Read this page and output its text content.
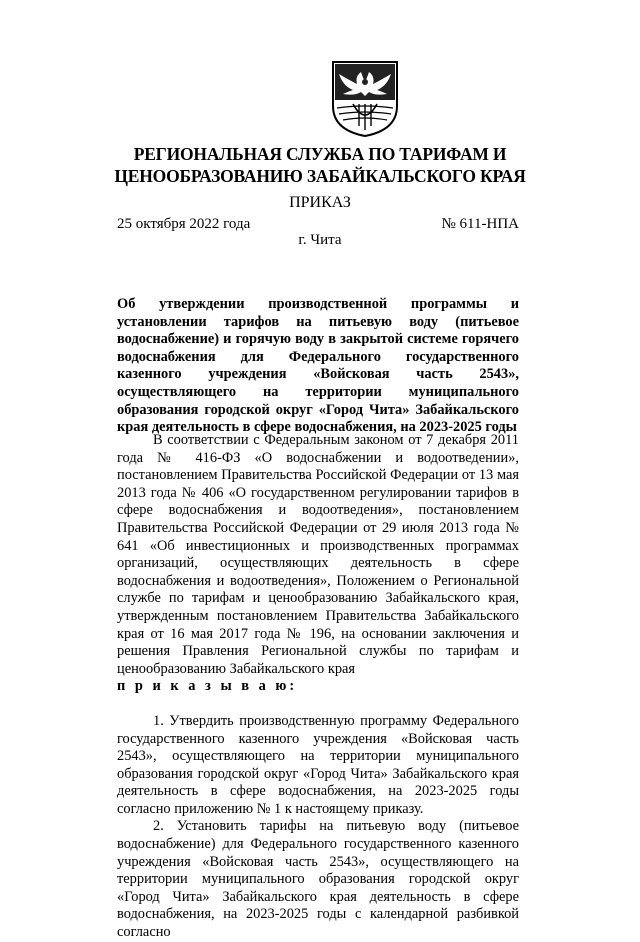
РЕГИОНАЛЬНАЯ СЛУЖБА ПО ТАРИФАМ И
ЦЕНООБРАЗОВАНИЮ ЗАБАЙКАЛЬСКОГО КРАЯ
ПРИКАЗ
25 октября 2022 года	№ 611-НПА
г. Чита
Об утверждении производственной программы и установлении тарифов на питьевую воду (питьевое водоснабжение) и горячую воду в закрытой системе горячего водоснабжения для Федерального государственного казенного учреждения «Войсковая часть 2543», осуществляющего на территории муниципального образования городской округ «Город Чита» Забайкальского края деятельность в сфере водоснабжения, на 2023-2025 годы

В соответствии с Федеральным законом от 7 декабря 2011 года № 416-ФЗ «О водоснабжении и водоотведении», постановлением Правительства Российской Федерации от 13 мая 2013 года № 406 «О государственном регулировании тарифов в сфере водоснабжения и водоотведения», постановлением Правительства Российской Федерации от 29 июля 2013 года № 641 «Об инвестиционных и производственных программах организаций, осуществляющих деятельность в сфере водоснабжения и водоотведения», Положением о Региональной службе по тарифам и ценообразованию Забайкальского края, утвержденным постановлением Правительства Забайкальского края от 16 мая 2017 года № 196, на основании заключения и решения Правления Региональной службы по тарифам и ценообразованию Забайкальского края

п р и к а з ы в а ю:

1. Утвердить производственную программу Федерального государственного казенного учреждения «Войсковая часть 2543», осуществляющего на территории муниципального образования городской округ «Город Чита» Забайкальского края деятельность в сфере водоснабжения, на 2023-2025 годы согласно приложению № 1 к настоящему приказу.

2. Установить тарифы на питьевую воду (питьевое водоснабжение) для Федерального государственного казенного учреждения «Войсковая часть 2543», осуществляющего на территории муниципального образования городской округ «Город Чита» Забайкальского края деятельность в сфере водоснабжения, на 2023-2025 годы с календарной разбивкой согласно
